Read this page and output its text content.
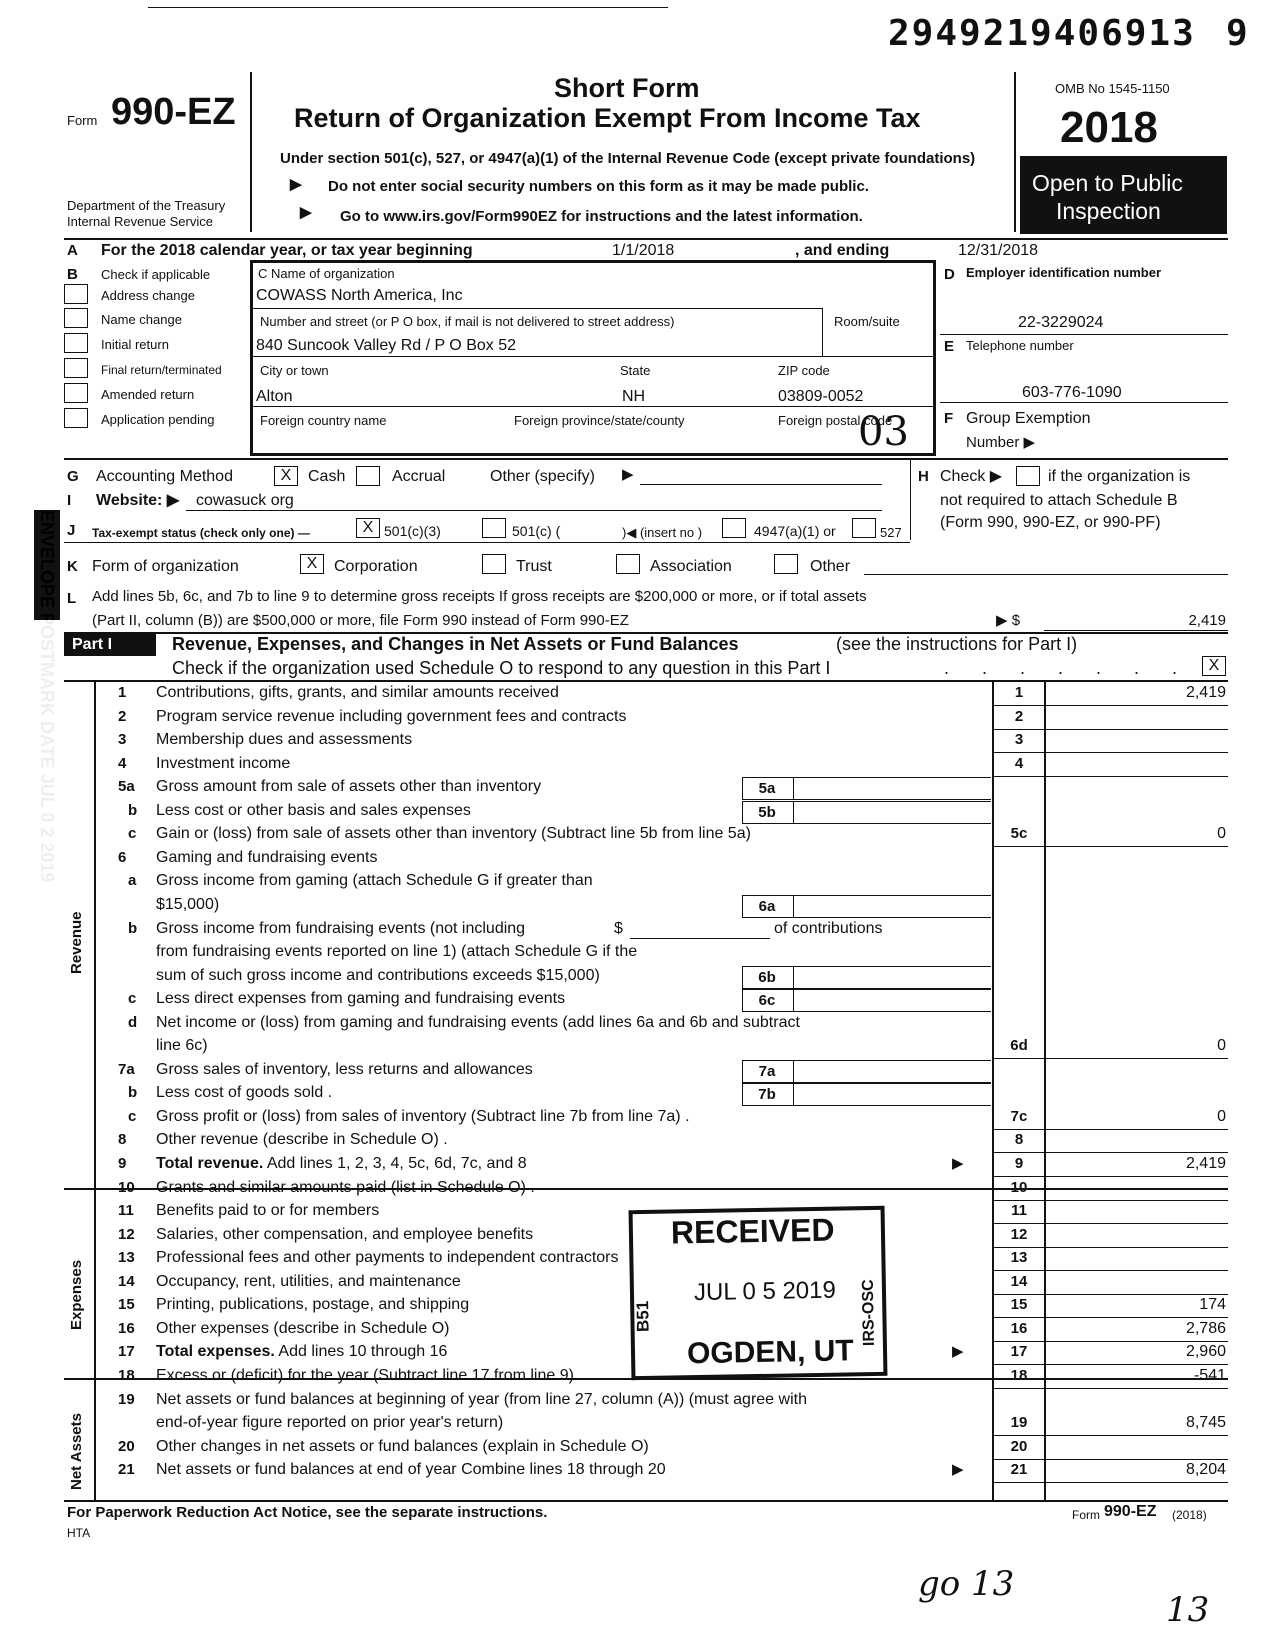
2949219406913 9
Form 990-EZ
Department of the Treasury
Internal Revenue Service
Short Form
Return of Organization Exempt From Income Tax
Under section 501(c), 527, or 4947(a)(1) of the Internal Revenue Code (except private foundations)
▶ Do not enter social security numbers on this form as it may be made public.
▶ Go to www.irs.gov/Form990EZ for instructions and the latest information.
OMB No 1545-1150
2018
Open to Public
Inspection
A For the 2018 calendar year, or tax year beginning	1/1/2018	, and ending	12/31/2018
B Check if applicable
Address change
Name change
Initial return
Final return/terminated
Amended return
Application pending
C Name of organization
COWASS North America, Inc
Number and street (or P O box, if mail is not delivered to street address)	Room/suite
840 Suncook Valley Rd / P O Box 52
City or town	State	ZIP code
Alton	NH	03809-0052
Foreign country name	Foreign province/state/county	Foreign postal code
03
D Employer identification number
22-3229024
E Telephone number
603-776-1090
F Group Exemption
Number ▶
G Accounting Method	X	Cash	Accrual	Other (specify) ▶	H Check ▶	if the organization is
not required to attach Schedule B
(Form 990, 990-EZ, or 990-PF)
I Website: ▶ cowasuck org
J Tax-exempt status (check only one) —	X 501(c)(3)	501(c) (	)◀ (insert no )	4947(a)(1) or	527
K Form of organization	X	Corporation	Trust	Association	Other
L Add lines 5b, 6c, and 7b to line 9 to determine gross receipts If gross receipts are $200,000 or more, or if total assets
(Part II, column (B)) are $500,000 or more, file Form 990 instead of Form 990-EZ	▶ $	2,419
Part I	Revenue, Expenses, and Changes in Net Assets or Fund Balances	(see the instructions for Part I)
Check if the organization used Schedule O to respond to any question in this Part I	. . . . . . .	X
Revenue
Expenses
Net Assets
1 Contributions, gifts, grants, and similar amounts received	1	2,419
2 Program service revenue including government fees and contracts	2
3 Membership dues and assessments	3
4 Investment income	4
5a Gross amount from sale of assets other than inventory	5a
b Less cost or other basis and sales expenses	5b
c Gain or (loss) from sale of assets other than inventory (Subtract line 5b from line 5a)	5c	0
6 Gaming and fundraising events
a Gross income from gaming (attach Schedule G if greater than
$15,000)	6a
b Gross income from fundraising events (not including	$	of contributions
from fundraising events reported on line 1) (attach Schedule G if the
sum of such gross income and contributions exceeds $15,000)	6b
c Less direct expenses from gaming and fundraising events	6c
d Net income or (loss) from gaming and fundraising events (add lines 6a and 6b and subtract
line 6c)	6d	0
7a Gross sales of inventory, less returns and allowances	7a
b Less cost of goods sold .	7b
c Gross profit or (loss) from sales of inventory (Subtract line 7b from line 7a) .	7c	0
8 Other revenue (describe in Schedule O) .	8
9 Total revenue. Add lines 1, 2, 3, 4, 5c, 6d, 7c, and 8	▶	9	2,419
10 Grants and similar amounts paid (list in Schedule O) .	10
11 Benefits paid to or for members	11
12 Salaries, other compensation, and employee benefits	12
13 Professional fees and other payments to independent contractors	13
14 Occupancy, rent, utilities, and maintenance	14
15 Printing, publications, postage, and shipping	15	174
16 Other expenses (describe in Schedule O)	16	2,786
17 Total expenses. Add lines 10 through 16	▶	17	2,960
18 Excess or (deficit) for the year (Subtract line 17 from line 9)	18	-541
19 Net assets or fund balances at beginning of year (from line 27, column (A)) (must agree with
end-of-year figure reported on prior year's return)	19	8,745
20 Other changes in net assets or fund balances (explain in Schedule O)	20
21 Net assets or fund balances at end of year Combine lines 18 through 20	▶	21	8,204
RECEIVED
JUL 0 5 2019
OGDEN, UT
B51	IRS-OSC
ENVELOPE POSTMARK DATE JUL 0 2 2019
For Paperwork Reduction Act Notice, see the separate instructions.
HTA
Form 990-EZ (2018)
go 13
13
